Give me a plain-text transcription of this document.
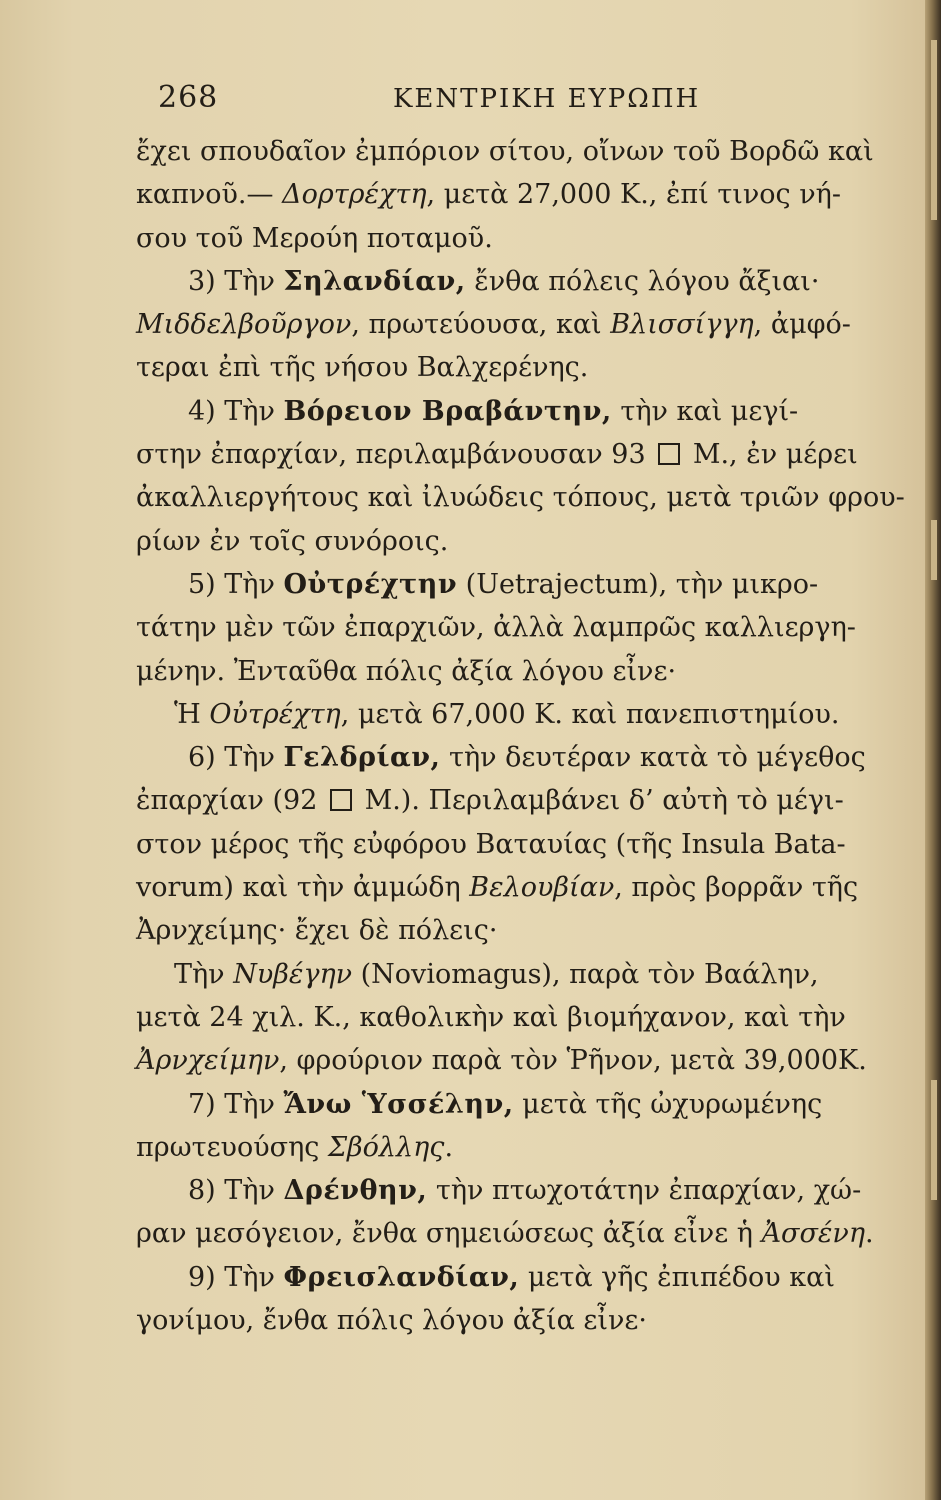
268	ΚΕΝΤΡΙΚΗ ΕΥΡΩΠΗ
ἔχει σπουδαῖον ἐμπόριον σίτου, οἴνων τοῦ Βορδῶ καὶ
καπνοῦ.— Δορτρέχτη, μετὰ 27,000 Κ., ἐπί τινος νή-
σου τοῦ Μερούη ποταμοῦ.
3) Τὴν Σηλανδίαν, ἔνθα πόλεις λόγου ἄξιαι·
Μιδδελβοῦργον, πρωτεύουσα, καὶ Βλισσίγγη, ἀμφό-
τεραι ἐπὶ τῆς νήσου Βαλχερένης.
4) Τὴν Βόρειον Βραβάντην, τὴν καὶ μεγί-
στην ἐπαρχίαν, περιλαμβάνουσαν 93  Μ., ἐν μέρει
ἀκαλλιεργήτους καὶ ἰλυώδεις τόπους, μετὰ τριῶν φρου-
ρίων ἐν τοῖς συνόροις.
5) Τὴν Οὐτρέχτην (Uetrajectum), τὴν μικρο-
τάτην μὲν τῶν ἐπαρχιῶν, ἀλλὰ λαμπρῶς καλλιεργη-
μένην. Ἐνταῦθα πόλις ἀξία λόγου εἶνε·
Ἡ Οὐτρέχτη, μετὰ 67,000 Κ. καὶ πανεπιστημίου.
6) Τὴν Γελδρίαν, τὴν δευτέραν κατὰ τὸ μέγεθος
ἐπαρχίαν (92  Μ.). Περιλαμβάνει δ’ αὐτὴ τὸ μέγι-
στον μέρος τῆς εὐφόρου Βαταυίας (τῆς Insula Bata-
vorum) καὶ τὴν ἀμμώδη Βελουβίαν, πρὸς βορρᾶν τῆς
Ἀρνχείμης· ἔχει δὲ πόλεις·
Τὴν Νυβέγην (Noviomagus), παρὰ τὸν Βαάλην,
μετὰ 24 χιλ. Κ., καθολικὴν καὶ βιομήχανον, καὶ τὴν
Ἀρνχείμην, φρούριον παρὰ τὸν Ῥῆνον, μετὰ 39,000Κ.
7) Τὴν Ἄνω Ὑσσέλην, μετὰ τῆς ὠχυρωμένης
πρωτευούσης Σβόλλης.
8) Τὴν Δρένθην, τὴν πτωχοτάτην ἐπαρχίαν, χώ-
ραν μεσόγειον, ἔνθα σημειώσεως ἀξία εἶνε ἡ Ἀσσένη.
9) Τὴν Φρεισλανδίαν, μετὰ γῆς ἐπιπέδου καὶ
γονίμου, ἔνθα πόλις λόγου ἀξία εἶνε·
